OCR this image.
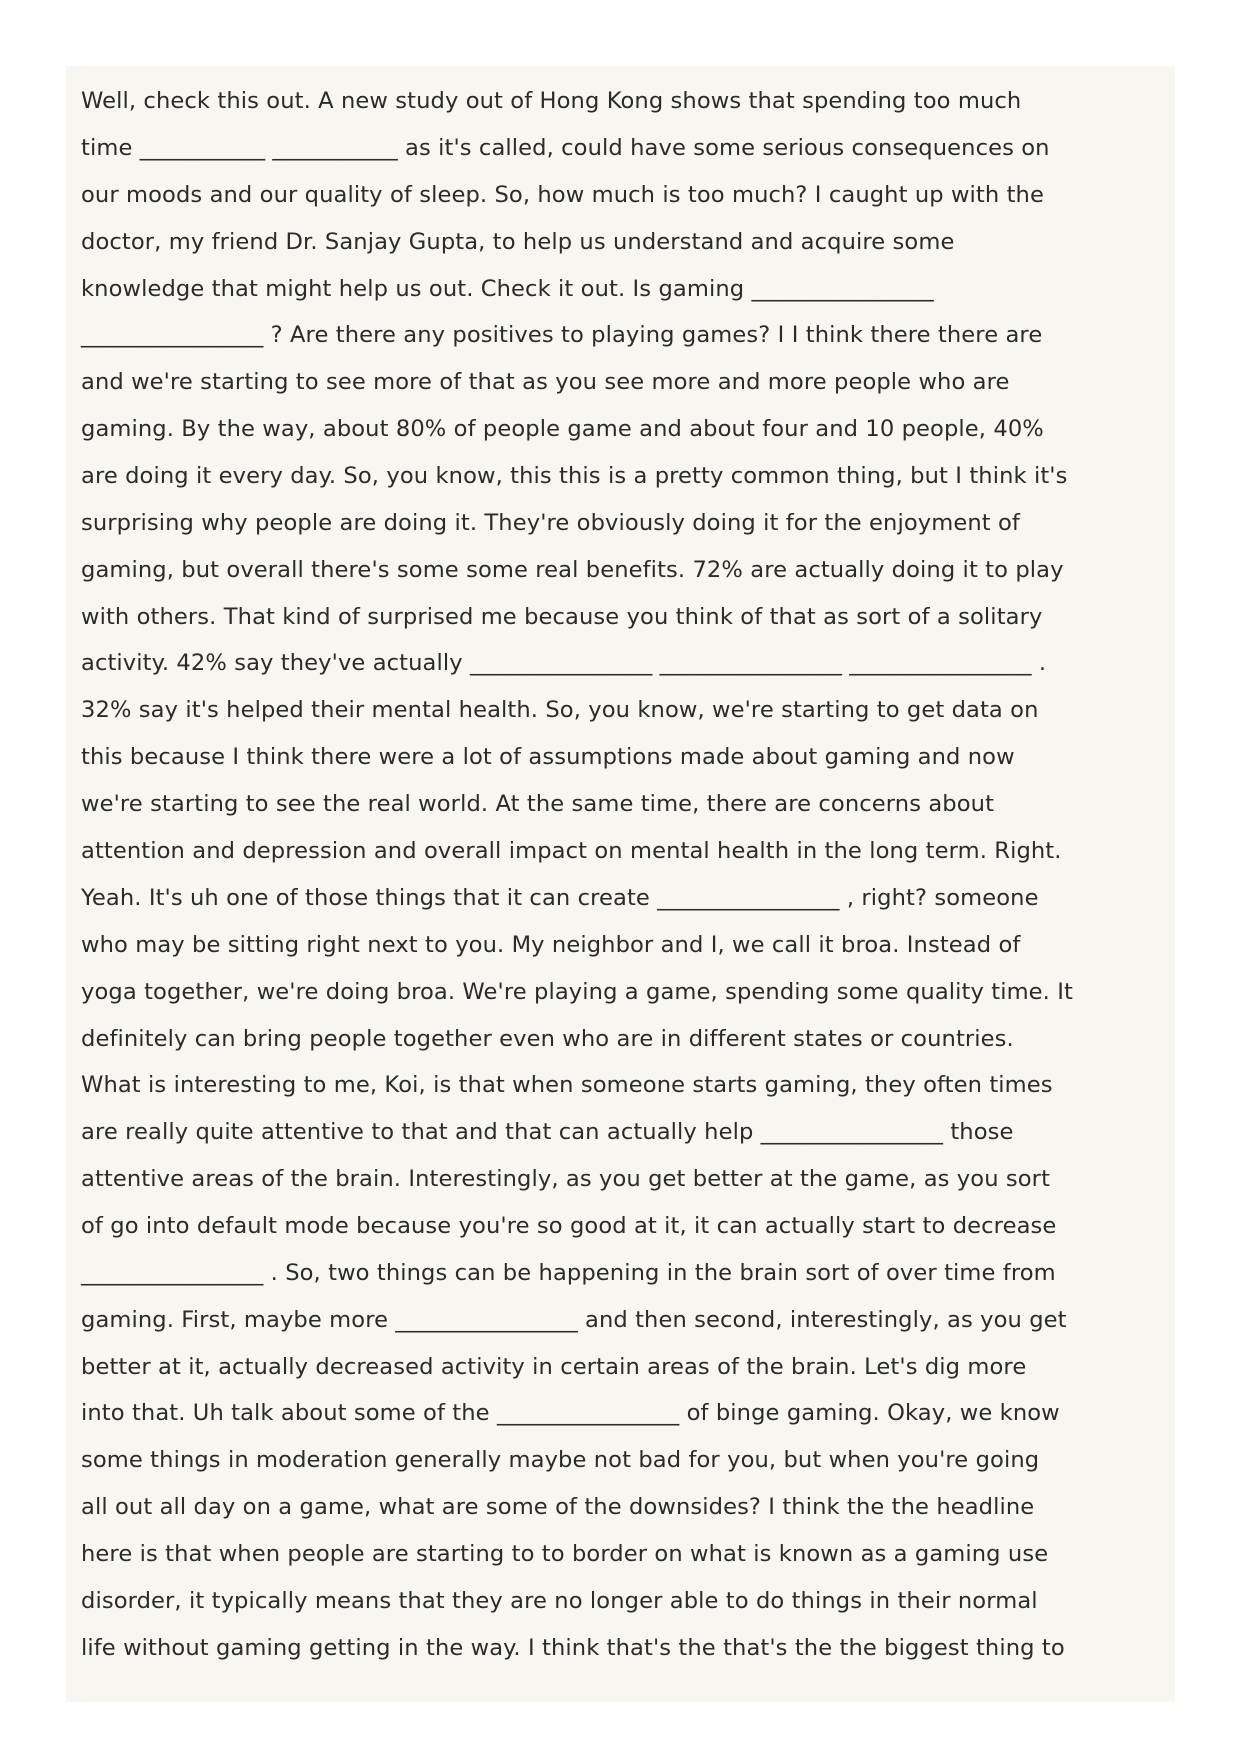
Well, check this out. A new study out of Hong Kong shows that spending too much

time ___________ ___________ as it's called, could have some serious consequences on

our moods and our quality of sleep. So, how much is too much? I caught up with the

doctor, my friend Dr. Sanjay Gupta, to help us understand and acquire some

knowledge that might help us out. Check it out. Is gaming ________________

________________ ? Are there any positives to playing games? I I think there there are

and we're starting to see more of that as you see more and more people who are

gaming. By the way, about 80% of people game and about four and 10 people, 40%

are doing it every day. So, you know, this this is a pretty common thing, but I think it's

surprising why people are doing it. They're obviously doing it for the enjoyment of

gaming, but overall there's some some real benefits. 72% are actually doing it to play

with others. That kind of surprised me because you think of that as sort of a solitary

activity. 42% say they've actually ________________ ________________ ________________ .

32% say it's helped their mental health. So, you know, we're starting to get data on

this because I think there were a lot of assumptions made about gaming and now

we're starting to see the real world. At the same time, there are concerns about

attention and depression and overall impact on mental health in the long term. Right.

Yeah. It's uh one of those things that it can create ________________ , right? someone

who may be sitting right next to you. My neighbor and I, we call it broa. Instead of

yoga together, we're doing broa. We're playing a game, spending some quality time. It

definitely can bring people together even who are in different states or countries.

What is interesting to me, Koi, is that when someone starts gaming, they often times

are really quite attentive to that and that can actually help ________________ those

attentive areas of the brain. Interestingly, as you get better at the game, as you sort

of go into default mode because you're so good at it, it can actually start to decrease

________________ . So, two things can be happening in the brain sort of over time from

gaming. First, maybe more ________________ and then second, interestingly, as you get

better at it, actually decreased activity in certain areas of the brain. Let's dig more

into that. Uh talk about some of the ________________ of binge gaming. Okay, we know

some things in moderation generally maybe not bad for you, but when you're going

all out all day on a game, what are some of the downsides? I think the the headline

here is that when people are starting to to border on what is known as a gaming use

disorder, it typically means that they are no longer able to do things in their normal

life without gaming getting in the way. I think that's the that's the the biggest thing to
